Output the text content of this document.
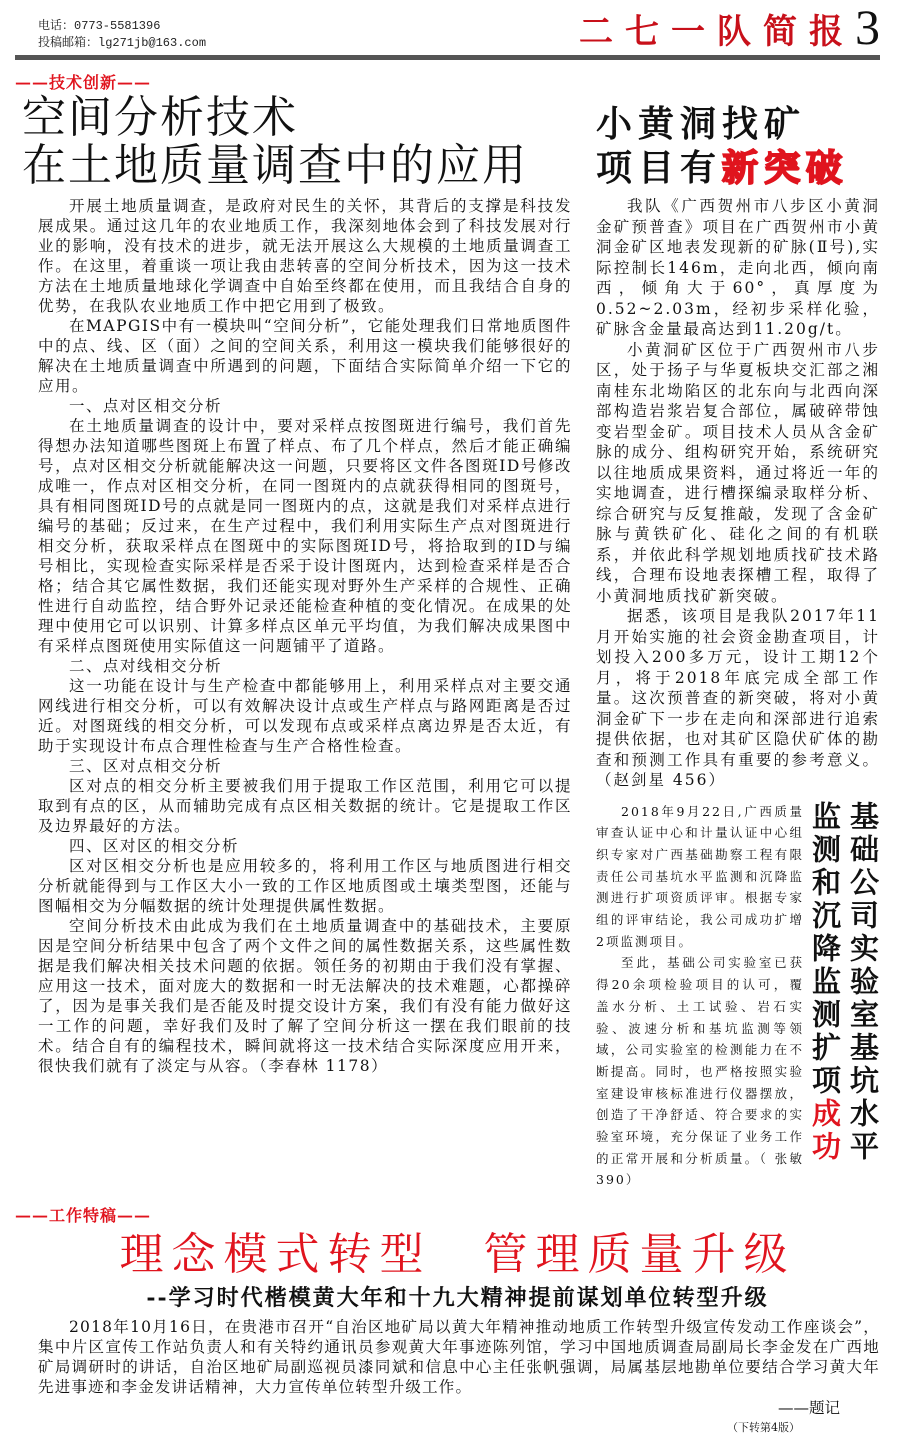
电话：0773-5581396
投稿邮箱：lg271jb@163.com	二七一队简报 3
——技术创新——
空间分析技术
在土地质量调查中的应用

开展土地质量调查，是政府对民生的关怀，其背后的支撑是科技发展成果。通过这几年的农业地质工作，我深刻地体会到了科技发展对行业的影响，没有技术的进步，就无法开展这么大规模的土地质量调查工作。在这里，着重谈一项让我由悲转喜的空间分析技术，因为这一技术方法在土地质量地球化学调查中自始至终都在使用，而且我结合自身的优势，在我队农业地质工作中把它用到了极致。

在MAPGIS中有一模块叫“空间分析”，它能处理我们日常地质图件中的点、线、区（面）之间的空间关系，利用这一模块我们能够很好的解决在土地质量调查中所遇到的问题，下面结合实际简单介绍一下它的应用。

一、点对区相交分析

在土地质量调查的设计中，要对采样点按图斑进行编号，我们首先得想办法知道哪些图斑上布置了样点、布了几个样点，然后才能正确编号，点对区相交分析就能解决这一问题，只要将区文件各图斑ID号修改成唯一，作点对区相交分析，在同一图斑内的点就获得相同的图斑号，具有相同图斑ID号的点就是同一图斑内的点，这就是我们对采样点进行编号的基础；反过来，在生产过程中，我们利用实际生产点对图斑进行相交分析，获取采样点在图斑中的实际图斑ID号，将拾取到的ID与编号相比，实现检查实际采样是否采于设计图斑内，达到检查采样是否合格；结合其它属性数据，我们还能实现对野外生产采样的合规性、正确性进行自动监控，结合野外记录还能检查种植的变化情况。在成果的处理中使用它可以识别、计算多样点区单元平均值，为我们解决成果图中有采样点图斑使用实际值这一问题铺平了道路。

二、点对线相交分析

这一功能在设计与生产检查中都能够用上，利用采样点对主要交通网线进行相交分析，可以有效解决设计点或生产样点与路网距离是否过近。对图斑线的相交分析，可以发现布点或采样点离边界是否太近，有助于实现设计布点合理性检查与生产合格性检查。

三、区对点相交分析

区对点的相交分析主要被我们用于提取工作区范围，利用它可以提取到有点的区，从而辅助完成有点区相关数据的统计。它是提取工作区及边界最好的方法。

四、区对区的相交分析

区对区相交分析也是应用较多的，将利用工作区与地质图进行相交分析就能得到与工作区大小一致的工作区地质图或土壤类型图，还能与图幅相交为分幅数据的统计处理提供属性数据。

空间分析技术由此成为我们在土地质量调查中的基础技术，主要原因是空间分析结果中包含了两个文件之间的属性数据关系，这些属性数据是我们解决相关技术问题的依据。领任务的初期由于我们没有掌握、应用这一技术，面对庞大的数据和一时无法解决的技术难题，心都操碎了，因为是事关我们是否能及时提交设计方案，我们有没有能力做好这一工作的问题，幸好我们及时了解了空间分析这一摆在我们眼前的技术。结合自有的编程技术，瞬间就将这一技术结合实际深度应用开来，很快我们就有了淡定与从容。（李春林 1178）

小黄洞找矿
项目有新突破

我队《广西贺州市八步区小黄洞金矿预普查》项目在广西贺州市小黄洞金矿区地表发现新的矿脉(Ⅱ号),实际控制长146m，走向北西，倾向南西，倾角大于60°，真厚度为0.52~2.03m，经初步采样化验，矿脉含金量最高达到11.20g/t。

小黄洞矿区位于广西贺州市八步区，处于扬子与华夏板块交汇部之湘南桂东北坳陷区的北东向与北西向深部构造岩浆岩复合部位，属破碎带蚀变岩型金矿。项目技术人员从含金矿脉的成分、组构研究开始，系统研究以往地质成果资料，通过将近一年的实地调查，进行槽探编录取样分析、综合研究与反复推敲，发现了含金矿脉与黄铁矿化、硅化之间的有机联系，并依此科学规划地质找矿技术路线，合理布设地表探槽工程，取得了小黄洞地质找矿新突破。

据悉，该项目是我队2017年11月开始实施的社会资金勘查项目，计划投入200多万元，设计工期12个月，将于2018年底完成全部工作量。这次预普查的新突破，将对小黄洞金矿下一步在走向和深部进行追索提供依据，也对其矿区隐伏矿体的勘查和预测工作具有重要的参考意义。（赵剑星 456）

2018年9月22日,广西质量审查认证中心和计量认证中心组织专家对广西基础勘察工程有限责任公司基坑水平监测和沉降监测进行扩项资质评审。根据专家组的评审结论，我公司成功扩增2项监测项目。

至此，基础公司实验室已获得20余项检验项目的认可，覆盖水分析、土工试验、岩石实验、波速分析和基坑监测等领域，公司实验室的检测能力在不断提高。同时，也严格按照实验室建设审核标准进行仪器摆放，创造了干净舒适、符合要求的实验室环境，充分保证了业务工作的正常开展和分析质量。（ 张敏 390）

监测和沉降监测扩项成功 基础公司实验室基坑水平
——工作特稿——
理念模式转型　管理质量升级
--学习时代楷模黄大年和十九大精神提前谋划单位转型升级

2018年10月16日，在贵港市召开“自治区地矿局以黄大年精神推动地质工作转型升级宣传发动工作座谈会”，集中片区宣传工作站负责人和有关特约通讯员参观黄大年事迹陈列馆，学习中国地质调查局副局长李金发在广西地矿局调研时的讲话，自治区地矿局副巡视员漆同斌和信息中心主任张帆强调，局属基层地勘单位要结合学习黄大年先进事迹和李金发讲话精神，大力宣传单位转型升级工作。

——题记
（下转第4版）
